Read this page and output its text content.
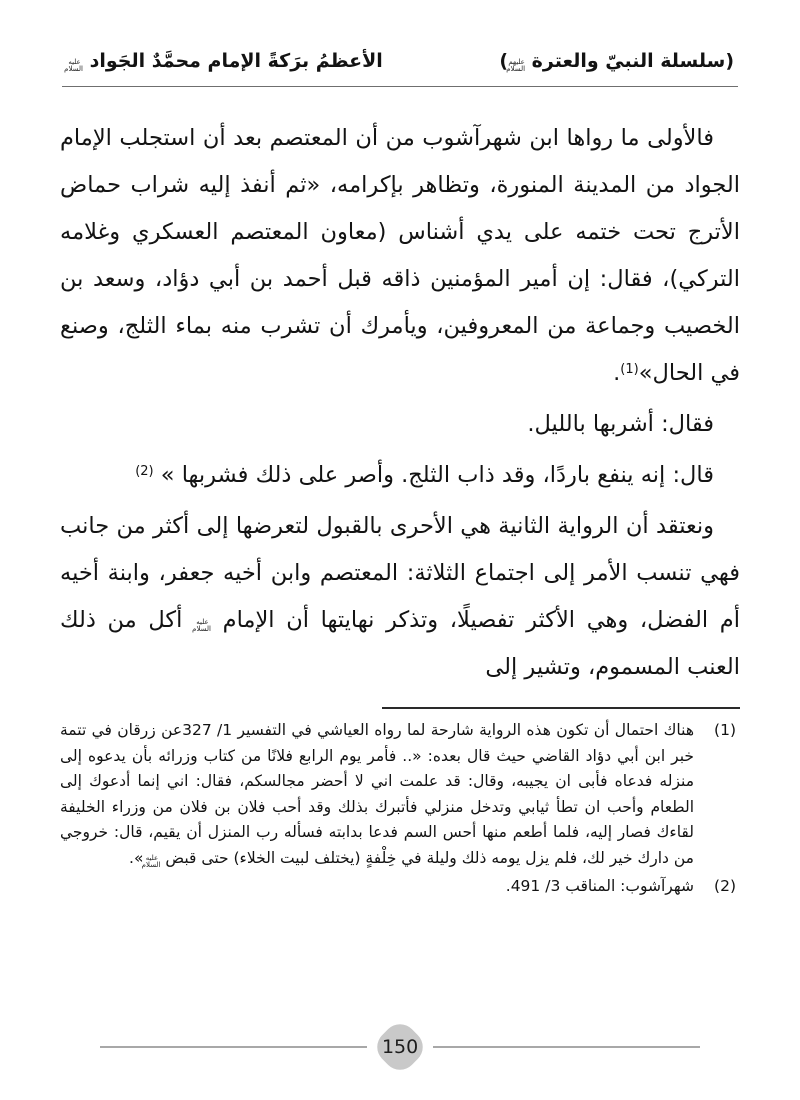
(سلسلة النبيّ والعترة عليهم السلام)
الأعظمُ برَكةً الإمام محمَّدٌ الجَواد عليه السلام

فالأولى ما رواها ابن شهرآشوب من أن المعتصم بعد أن استجلب الإمام الجواد من المدينة المنورة، وتظاهر بإكرامه، «ثم أنفذ إليه شراب حماض الأترج تحت ختمه على يدي أشناس (معاون المعتصم العسكري وغلامه التركي)، فقال: إن أمير المؤمنين ذاقه قبل أحمد بن أبي دؤاد، وسعد بن الخصيب وجماعة من المعروفين، ويأمرك أن تشرب منه بماء الثلج، وصنع في الحال»$^{(1)}$.

فقال: أشربها بالليل.

قال: إنه ينفع باردًا، وقد ذاب الثلج. وأصر على ذلك فشربها » $^{(2)}$

ونعتقد أن الرواية الثانية هي الأحرى بالقبول لتعرضها إلى أكثر من جانب فهي تنسب الأمر إلى اجتماع الثلاثة: المعتصم وابن أخيه جعفر، وابنة أخيه أم الفضل، وهي الأكثر تفصيلًا، وتذكر نهايتها أن الإمام عليه السلام أكل من ذلك العنب المسموم، وتشير إلى

(1)
هناك احتمال أن تكون هذه الرواية شارحة لما رواه العياشي في التفسير 1/ 327عن زرقان في تتمة خبر ابن أبي دؤاد القاضي حيث قال بعده: «.. فأمر يوم الرابع فلانًا من كتاب وزرائه بأن يدعوه إلى منزله فدعاه فأبى ان يجيبه، وقال: قد علمت اني لا أحضر مجالسكم، فقال: اني إنما أدعوك إلى الطعام وأحب ان تطأ ثيابي وتدخل منزلي فأتبرك بذلك وقد أحب فلان بن فلان من وزراء الخليفة لقاءك فصار إليه، فلما أطعم منها أحس السم فدعا بدابته فسأله رب المنزل أن يقيم، قال: خروجي من دارك خير لك، فلم يزل يومه ذلك وليلة في خِلْفةٍ (يختلف لبيت الخلاء) حتى قبض عليه السلام».
(2)
شهرآشوب: المناقب 3/ 491.
150
